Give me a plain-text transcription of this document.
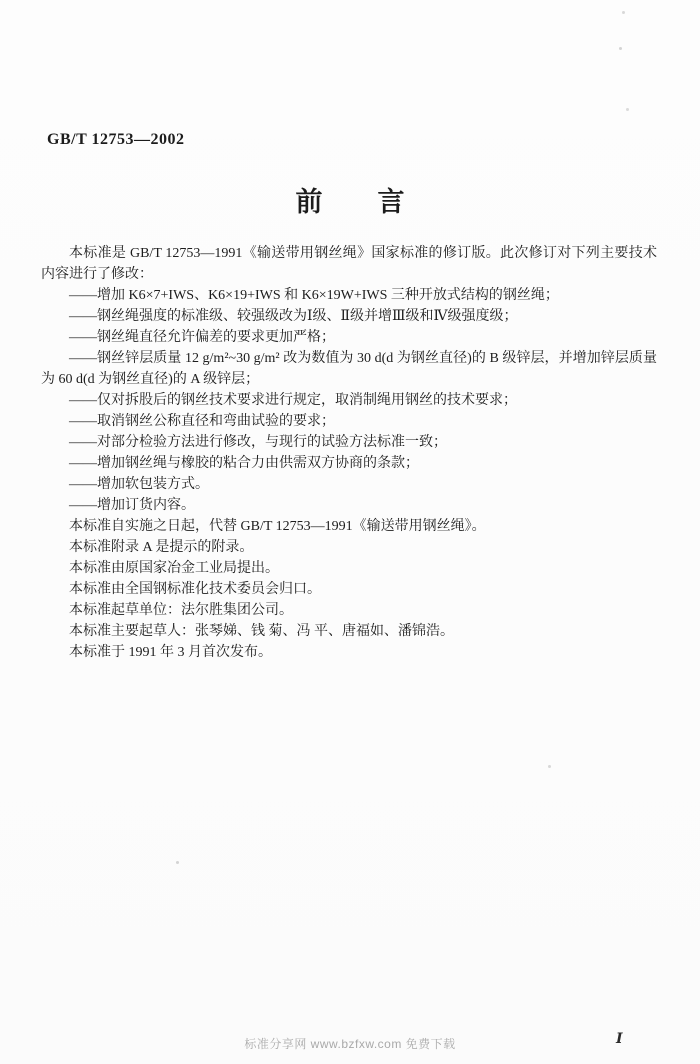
GB/T 12753—2002
前 言

本标准是 GB/T 12753—1991《输送带用钢丝绳》国家标准的修订版。此次修订对下列主要技术内容进行了修改：

——增加 K6×7+IWS、K6×19+IWS 和 K6×19W+IWS 三种开放式结构的钢丝绳；

——钢丝绳强度的标准级、较强级改为Ⅰ级、Ⅱ级并增Ⅲ级和Ⅳ级强度级；

——钢丝绳直径允许偏差的要求更加严格；

——钢丝锌层质量 12 g/m²~30 g/m² 改为数值为 30 d(d 为钢丝直径)的 B 级锌层，并增加锌层质量为 60 d(d 为钢丝直径)的 A 级锌层；

——仅对拆股后的钢丝技术要求进行规定，取消制绳用钢丝的技术要求；

——取消钢丝公称直径和弯曲试验的要求；

——对部分检验方法进行修改，与现行的试验方法标准一致；

——增加钢丝绳与橡胶的粘合力由供需双方协商的条款；

——增加软包装方式。

——增加订货内容。

本标准自实施之日起，代替 GB/T 12753—1991《输送带用钢丝绳》。

本标准附录 A 是提示的附录。

本标准由原国家冶金工业局提出。

本标准由全国钢标准化技术委员会归口。

本标准起草单位：法尔胜集团公司。

本标准主要起草人：张琴娣、钱 菊、冯 平、唐福如、潘锦浩。

本标准于 1991 年 3 月首次发布。

标准分享网 www.bzfxw.com 免费下载	Ⅰ
